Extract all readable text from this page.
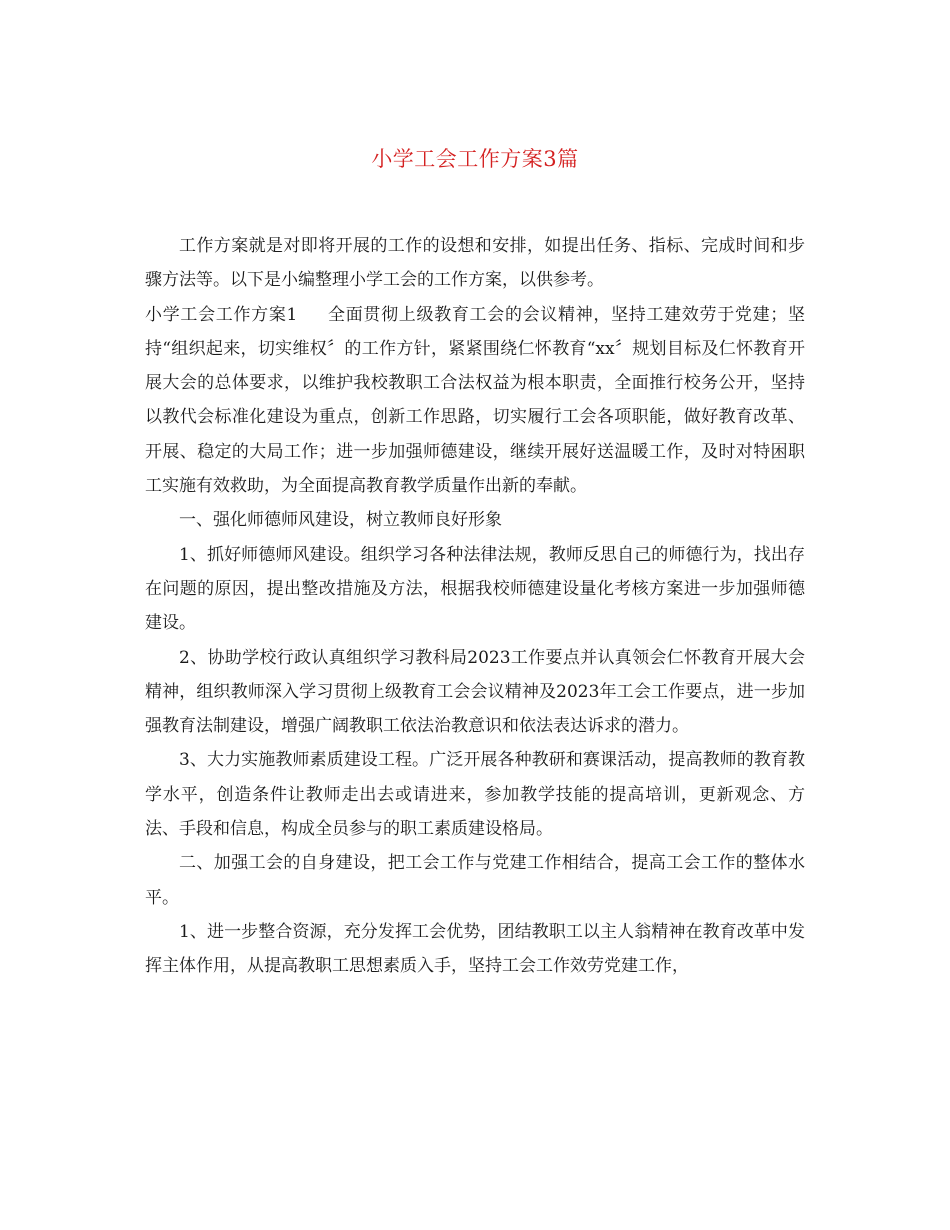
小学工会工作方案3篇

工作方案就是对即将开展的工作的设想和安排，如提出任务、指标、完成时间和步骤方法等。以下是小编整理小学工会的工作方案，以供参考。

小学工会工作方案1 全面贯彻上级教育工会的会议精神，坚持工建效劳于党建；坚持“组织起来，切实维权〞的工作方针，紧紧围绕仁怀教育“xx〞规划目标及仁怀教育开展大会的总体要求，以维护我校教职工合法权益为根本职责，全面推行校务公开，坚持以教代会标准化建设为重点，创新工作思路，切实履行工会各项职能，做好教育改革、开展、稳定的大局工作；进一步加强师德建设，继续开展好送温暖工作，及时对特困职工实施有效救助，为全面提高教育教学质量作出新的奉献。

一、强化师德师风建设，树立教师良好形象

1、抓好师德师风建设。组织学习各种法律法规，教师反思自己的师德行为，找出存在问题的原因，提出整改措施及方法，根据我校师德建设量化考核方案进一步加强师德建设。

2、协助学校行政认真组织学习教科局2023工作要点并认真领会仁怀教育开展大会精神，组织教师深入学习贯彻上级教育工会会议精神及2023年工会工作要点，进一步加强教育法制建设，增强广阔教职工依法治教意识和依法表达诉求的潜力。

3、大力实施教师素质建设工程。广泛开展各种教研和赛课活动，提高教师的教育教学水平，创造条件让教师走出去或请进来，参加教学技能的提高培训，更新观念、方法、手段和信息，构成全员参与的职工素质建设格局。

二、加强工会的自身建设，把工会工作与党建工作相结合，提高工会工作的整体水平。

1、进一步整合资源，充分发挥工会优势，团结教职工以主人翁精神在教育改革中发挥主体作用，从提高教职工思想素质入手，坚持工会工作效劳党建工作，
